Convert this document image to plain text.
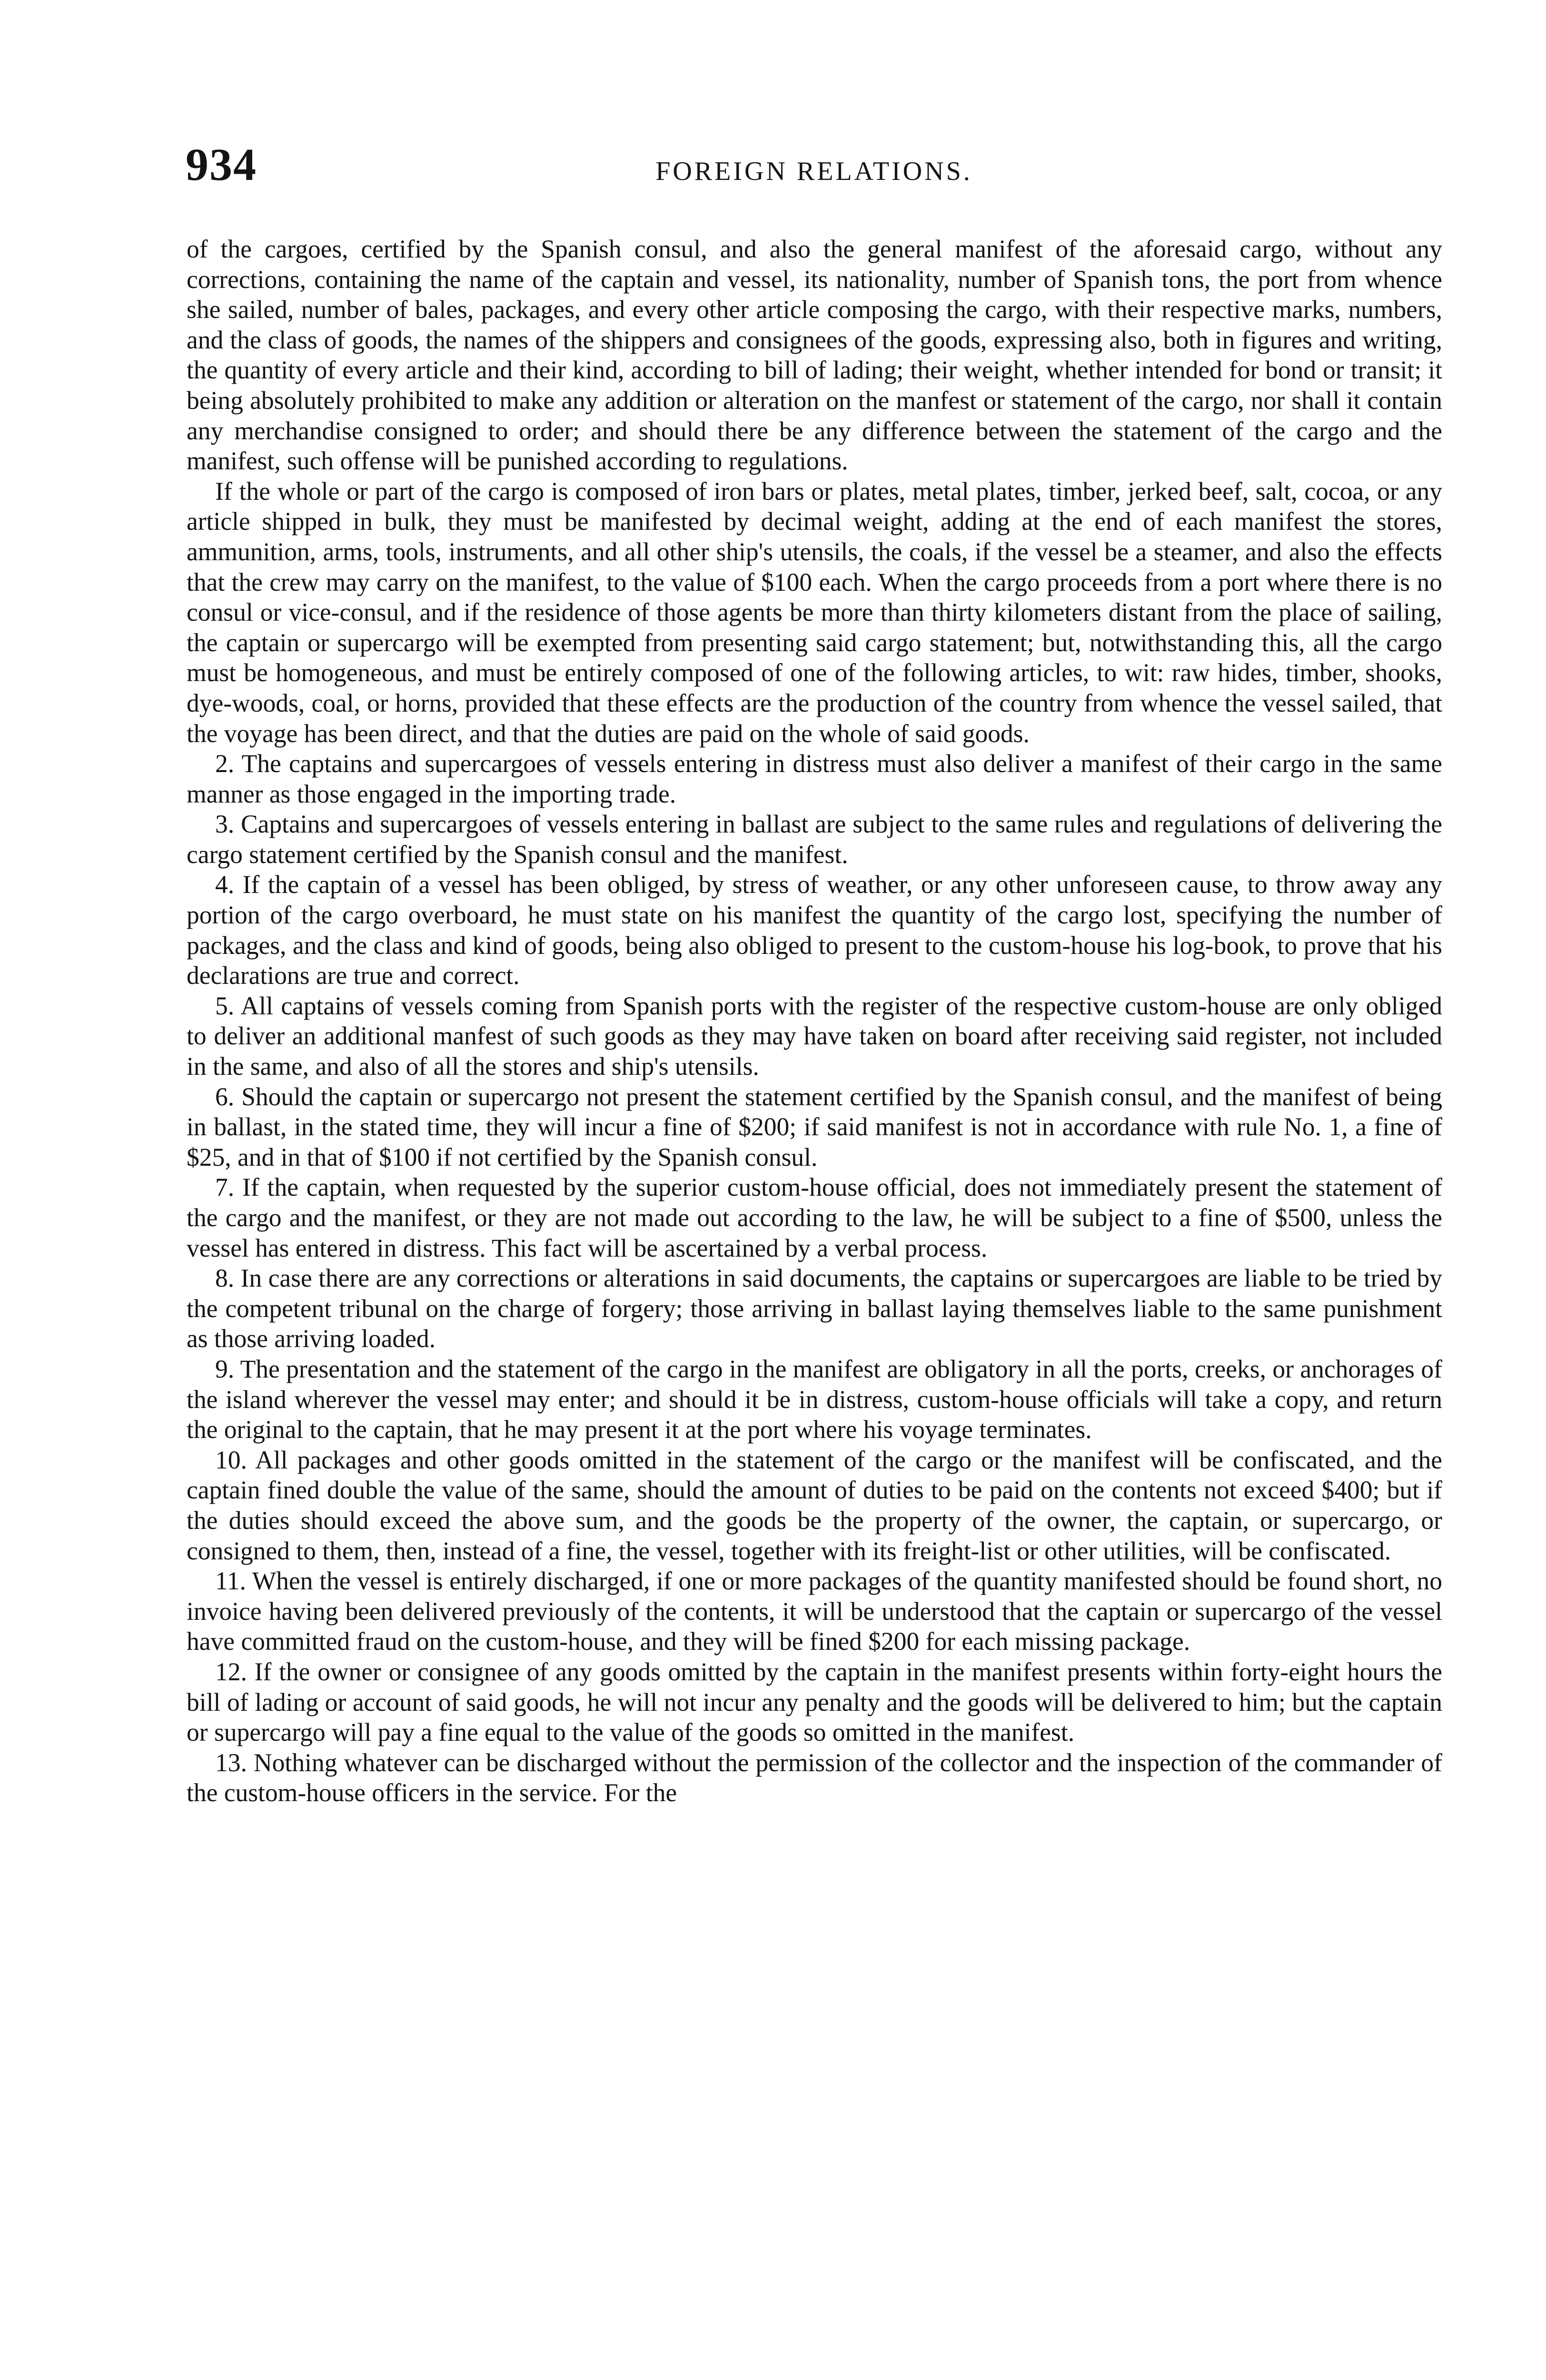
934	FOREIGN RELATIONS.

of the cargoes, certified by the Spanish consul, and also the general manifest of the aforesaid cargo, without any corrections, containing the name of the captain and vessel, its nationality, number of Spanish tons, the port from whence she sailed, number of bales, packages, and every other article composing the cargo, with their respective marks, numbers, and the class of goods, the names of the shippers and consignees of the goods, expressing also, both in figures and writing, the quantity of every article and their kind, according to bill of lading; their weight, whether intended for bond or transit; it being absolutely prohibited to make any addition or alteration on the manfest or statement of the cargo, nor shall it contain any merchandise consigned to order; and should there be any difference between the statement of the cargo and the manifest, such offense will be punished according to regulations.

If the whole or part of the cargo is composed of iron bars or plates, metal plates, timber, jerked beef, salt, cocoa, or any article shipped in bulk, they must be manifested by decimal weight, adding at the end of each manifest the stores, ammunition, arms, tools, instruments, and all other ship's utensils, the coals, if the vessel be a steamer, and also the effects that the crew may carry on the manifest, to the value of $100 each. When the cargo proceeds from a port where there is no consul or vice-consul, and if the residence of those agents be more than thirty kilometers distant from the place of sailing, the captain or supercargo will be exempted from presenting said cargo statement; but, notwithstanding this, all the cargo must be homogeneous, and must be entirely composed of one of the following articles, to wit: raw hides, timber, shooks, dye-woods, coal, or horns, provided that these effects are the production of the country from whence the vessel sailed, that the voyage has been direct, and that the duties are paid on the whole of said goods.

2. The captains and supercargoes of vessels entering in distress must also deliver a manifest of their cargo in the same manner as those engaged in the importing trade.

3. Captains and supercargoes of vessels entering in ballast are subject to the same rules and regulations of delivering the cargo statement certified by the Spanish consul and the manifest.

4. If the captain of a vessel has been obliged, by stress of weather, or any other unforeseen cause, to throw away any portion of the cargo overboard, he must state on his manifest the quantity of the cargo lost, specifying the number of packages, and the class and kind of goods, being also obliged to present to the custom-house his log-book, to prove that his declarations are true and correct.

5. All captains of vessels coming from Spanish ports with the register of the respective custom-house are only obliged to deliver an additional manfest of such goods as they may have taken on board after receiving said register, not included in the same, and also of all the stores and ship's utensils.

6. Should the captain or supercargo not present the statement certified by the Spanish consul, and the manifest of being in ballast, in the stated time, they will incur a fine of $200; if said manifest is not in accordance with rule No. 1, a fine of $25, and in that of $100 if not certified by the Spanish consul.

7. If the captain, when requested by the superior custom-house official, does not immediately present the statement of the cargo and the manifest, or they are not made out according to the law, he will be subject to a fine of $500, unless the vessel has entered in distress. This fact will be ascertained by a verbal process.

8. In case there are any corrections or alterations in said documents, the captains or supercargoes are liable to be tried by the competent tribunal on the charge of forgery; those arriving in ballast laying themselves liable to the same punishment as those arriving loaded.

9. The presentation and the statement of the cargo in the manifest are obligatory in all the ports, creeks, or anchorages of the island wherever the vessel may enter; and should it be in distress, custom-house officials will take a copy, and return the original to the captain, that he may present it at the port where his voyage terminates.

10. All packages and other goods omitted in the statement of the cargo or the manifest will be confiscated, and the captain fined double the value of the same, should the amount of duties to be paid on the contents not exceed $400; but if the duties should exceed the above sum, and the goods be the property of the owner, the captain, or supercargo, or consigned to them, then, instead of a fine, the vessel, together with its freight-list or other utilities, will be confiscated.

11. When the vessel is entirely discharged, if one or more packages of the quantity manifested should be found short, no invoice having been delivered previously of the contents, it will be understood that the captain or supercargo of the vessel have committed fraud on the custom-house, and they will be fined $200 for each missing package.

12. If the owner or consignee of any goods omitted by the captain in the manifest presents within forty-eight hours the bill of lading or account of said goods, he will not incur any penalty and the goods will be delivered to him; but the captain or supercargo will pay a fine equal to the value of the goods so omitted in the manifest.

13. Nothing whatever can be discharged without the permission of the collector and the inspection of the commander of the custom-house officers in the service. For the
